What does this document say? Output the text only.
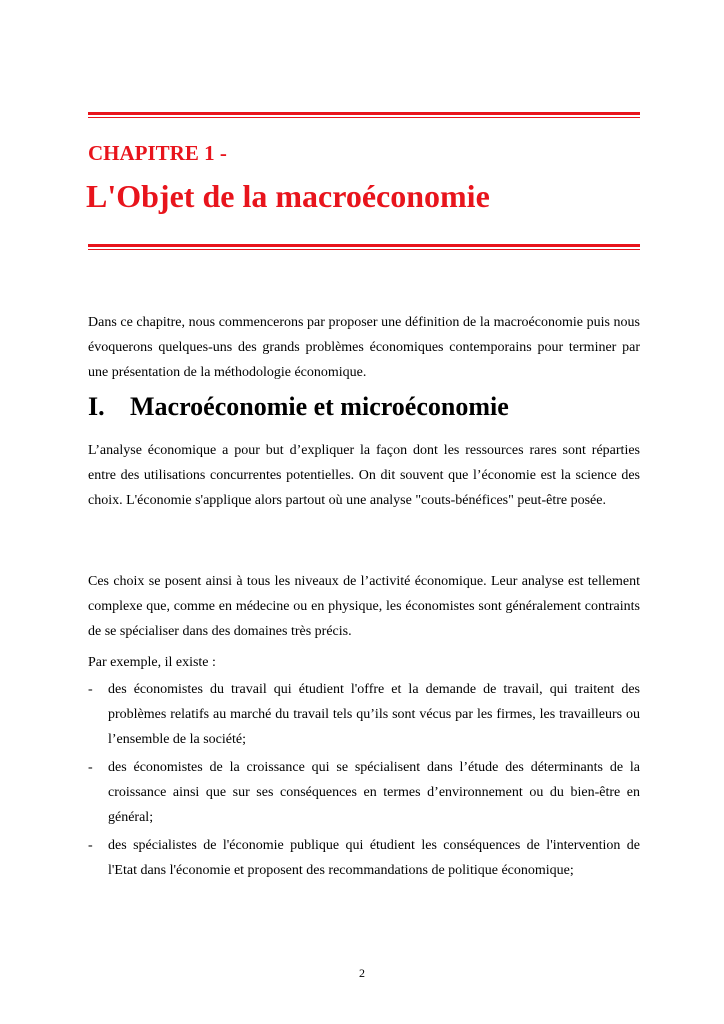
CHAPITRE 1 -
L'Objet de la macroéconomie

Dans ce chapitre, nous commencerons par proposer une définition de la macroéconomie puis nous évoquerons quelques-uns des grands problèmes économiques contemporains pour terminer par une présentation de la méthodologie économique.

I. Macroéconomie et microéconomie

L’analyse économique a pour but d’expliquer la façon dont les ressources rares sont réparties entre des utilisations concurrentes potentielles. On dit souvent que l’économie est la science des choix. L'économie s'applique alors partout où une analyse "couts-bénéfices" peut-être posée.

Ces choix se posent ainsi à tous les niveaux de l’activité économique. Leur analyse est tellement complexe que, comme en médecine ou en physique, les économistes sont généralement contraints de se spécialiser dans des domaines très précis.

Par exemple, il existe :

- des économistes du travail qui étudient l'offre et la demande de travail, qui traitent des problèmes relatifs au marché du travail tels qu’ils sont vécus par les firmes, les travailleurs ou l’ensemble de la société;
- des économistes de la croissance qui se spécialisent dans l’étude des déterminants de la croissance ainsi que sur ses conséquences en termes d’environnement ou du bien-être en général;
- des spécialistes de l'économie publique qui étudient les conséquences de l'intervention de l'Etat dans l'économie et proposent des recommandations de politique économique;

2
